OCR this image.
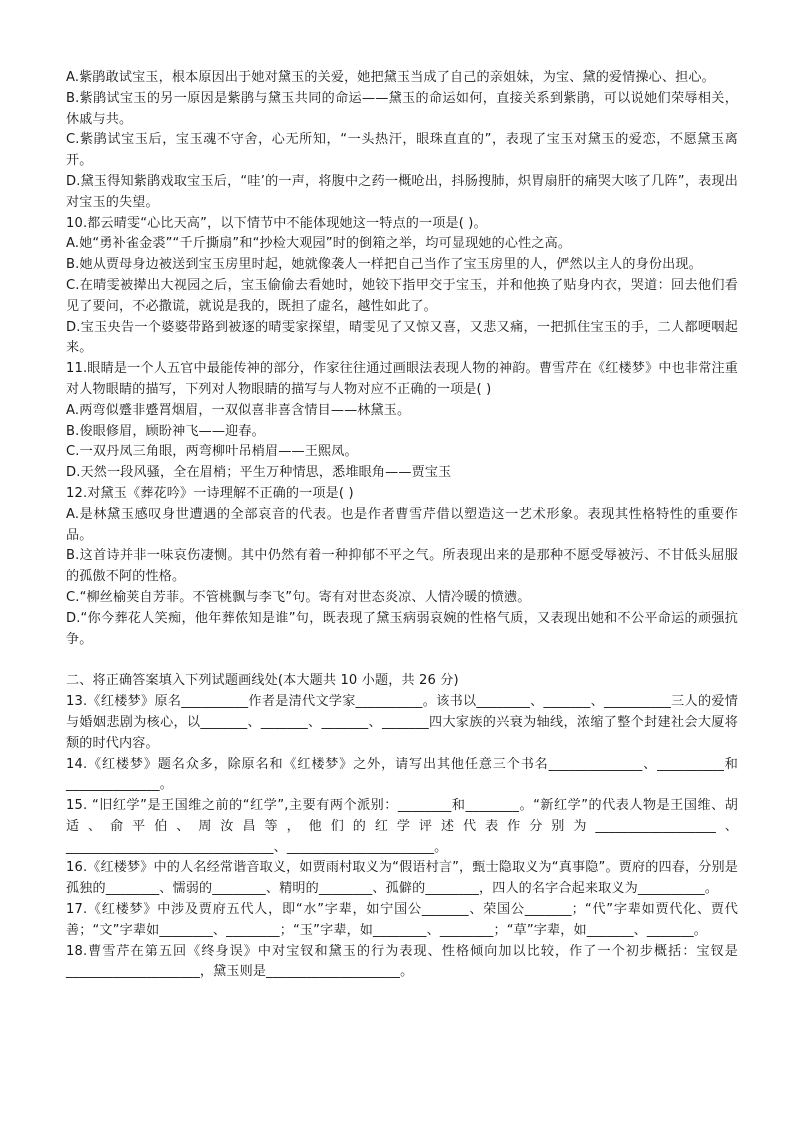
A.紫鹃敢试宝玉，根本原因出于她对黛玉的关爱，她把黛玉当成了自己的亲姐妹，为宝、黛的爱情操心、担心。

B.紫鹃试宝玉的另一原因是紫鹃与黛玉共同的命运——黛玉的命运如何，直接关系到紫鹃，可以说她们荣辱相关，休戚与共。

C.紫鹃试宝玉后，宝玉魂不守舍，心无所知，“一头热汗，眼珠直直的”，表现了宝玉对黛玉的爱恋，不愿黛玉离开。

D.黛玉得知紫鹃戏取宝玉后，“哇’的一声，将腹中之药一概呛出，抖肠搜肺，炽胃扇肝的痛哭大咳了几阵”，表现出对宝玉的失望。

10.都云晴雯“心比天高”，以下情节中不能体现她这一特点的一项是( )。

A.她“勇补雀金裘”“千斤撕扇”和“抄检大观园”时的倒箱之举，均可显现她的心性之高。

B.她从贾母身边被送到宝玉房里时起，她就像袭人一样把自己当作了宝玉房里的人，俨然以主人的身份出现。

C.在晴雯被撵出大视园之后，宝玉偷偷去看她时，她铰下指甲交于宝玉，并和他换了贴身内衣，哭道：回去他们看见了要问，不必撒谎，就说是我的，既担了虚名，越性如此了。

D.宝玉央告一个婆婆带路到被逐的晴雯家探望，晴雯见了又惊又喜，又悲又痛，一把抓住宝玉的手，二人都哽咽起来。

11.眼睛是一个人五官中最能传神的部分，作家往往通过画眼法表现人物的神韵。曹雪芹在《红楼梦》中也非常注重对人物眼睛的描写，下列对人物眼睛的描写与人物对应不正确的一项是( )

A.两弯似蹙非蹙罥烟眉，一双似喜非喜含情目——林黛玉。

B.俊眼修眉，顾盼神飞——迎春。

C.一双丹凤三角眼，两弯柳叶吊梢眉——王熙凤。

D.天然一段风骚，全在眉梢；平生万种情思，悉堆眼角——贾宝玉

12.对黛玉《葬花吟》一诗理解不正确的一项是( )

A.是林黛玉感叹身世遭遇的全部哀音的代表。也是作者曹雪芹借以塑造这一艺术形象。表现其性格特性的重要作品。

B.这首诗并非一味哀伤凄恻。其中仍然有着一种抑郁不平之气。所表现出来的是那种不愿受辱被污、不甘低头屈服的孤傲不阿的性格。

C.“柳丝榆荚自芳菲。不管桃飘与李飞”句。寄有对世态炎凉、人情冷暖的愤懑。

D.“你今葬花人笑痴，他年葬侬知是谁”句，既表现了黛玉病弱哀婉的性格气质，又表现出她和不公平命运的顽强抗争。

二、将正确答案填入下列试题画线处(本大题共 10 小题，共 26 分)

13.《红楼梦》原名__________作者是清代文学家__________。该书以________、_______、__________三人的爱情与婚姻悲剧为核心，以_______、_______、_______、_______四大家族的兴衰为轴线，浓缩了整个封建社会大厦将颓的时代内容。

14.《红楼梦》题名众多，除原名和《红楼梦》之外，请写出其他任意三个书名______________、__________和______________。

15. “旧红学”是王国维之前的“红学”,主要有两个派别：________和________。“新红学”的代表人物是王国维、胡适、俞平伯、周汝昌等，他们的红学评述代表作分别为__________________、_______________________________、______________________。

16.《红楼梦》中的人名经常谐音取义，如贾雨村取义为“假语村言”，甄士隐取义为“真事隐”。贾府的四春，分别是孤独的________、懦弱的________、精明的________、孤僻的________，四人的名字合起来取义为__________。

17.《红楼梦》中涉及贾府五代人，即“水”字辈，如宁国公_______、荣国公_______；“代”字辈如贾代化、贾代善；“文”字辈如________、________；“玉”字辈，如________、________；“草”字辈，如_______、_______。

18.曹雪芹在第五回《终身误》中对宝钗和黛玉的行为表现、性格倾向加以比较，作了一个初步概括：宝钗是____________________，黛玉则是____________________。
